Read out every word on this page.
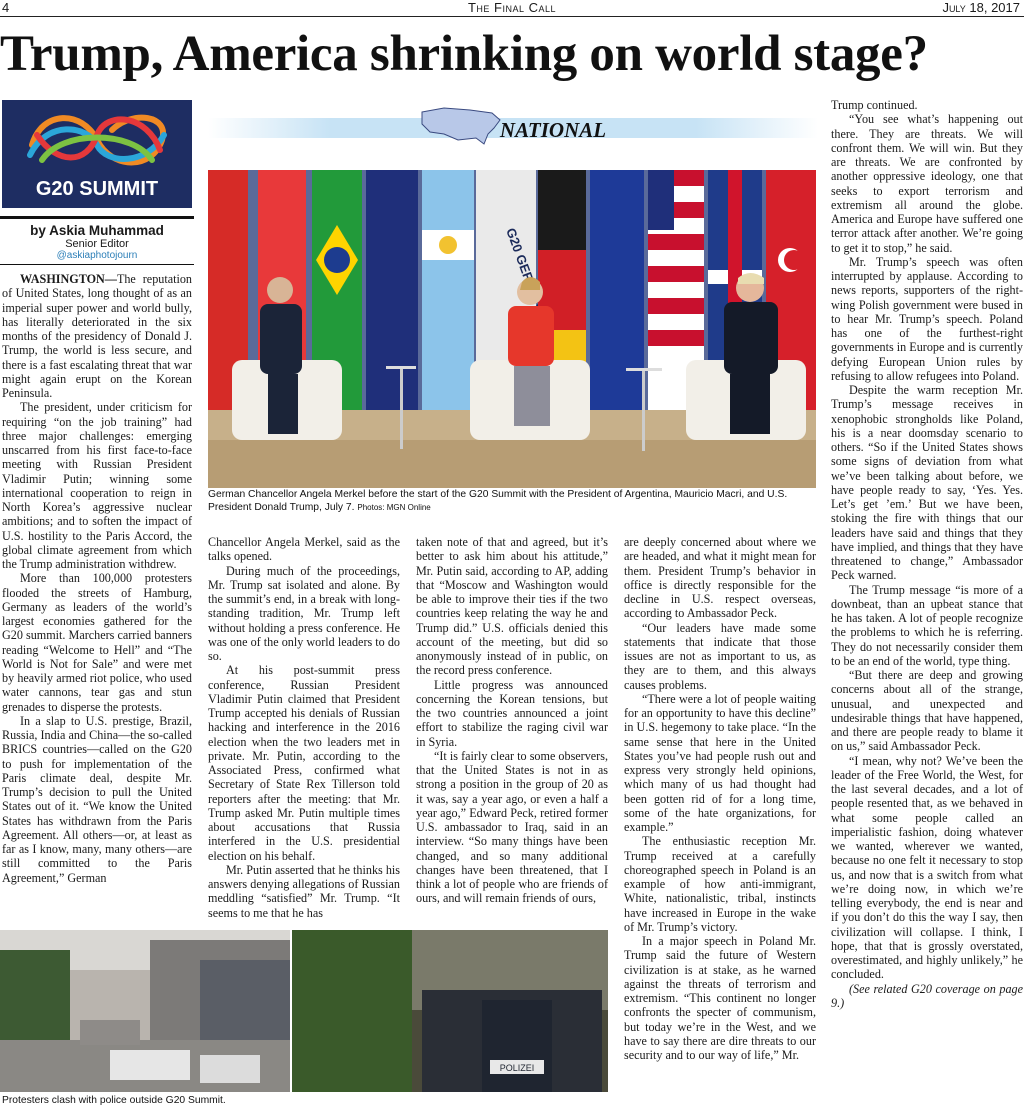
4	The Final Call	July 18, 2017
Trump, America shrinking on world stage?
G20 SUMMIT
by Askia Muhammad
Senior Editor
@askiaphotojourn
NATIONAL
G20
German Chancellor Angela Merkel before the start of the G20 Summit with the President of Argentina, Mauricio Macri, and U.S. President Donald Trump, July 7. Photos: MGN Online

WASHINGTON—The reputation of United States, long thought of as an imperial super power and world bully, has literally deteriorated in the six months of the presidency of Donald J. Trump, the world is less secure, and there is a fast escalating threat that war might again erupt on the Korean Peninsula.

The president, under criticism for requiring “on the job training” had three major challenges: emerging unscarred from his first face-to-face meeting with Russian President Vladimir Putin; winning some international cooperation to reign in North Korea’s aggressive nuclear ambitions; and to soften the impact of U.S. hostility to the Paris Accord, the global climate agreement from which the Trump administration withdrew.

More than 100,000 protesters flooded the streets of Hamburg, Germany as leaders of the world’s largest economies gathered for the G20 summit. Marchers carried banners reading “Welcome to Hell” and “The World is Not for Sale” and were met by heavily armed riot police, who used water cannons, tear gas and stun grenades to disperse the protests.

In a slap to U.S. prestige, Brazil, Russia, India and China—the so-called BRICS countries—called on the G20 to push for implementation of the Paris climate deal, despite Mr. Trump’s decision to pull the United States out of it. “We know the United States has withdrawn from the Paris Agreement. All others—or, at least as far as I know, many, many others—are still committed to the Paris Agreement,” German

Chancellor Angela Merkel, said as the talks opened.

During much of the proceedings, Mr. Trump sat isolated and alone. By the summit’s end, in a break with long-standing tradition, Mr. Trump left without holding a press conference. He was one of the only world leaders to do so.

At his post-summit press conference, Russian President Vladimir Putin claimed that President Trump accepted his denials of Russian hacking and interference in the 2016 election when the two leaders met in private. Mr. Putin, according to the Associated Press, confirmed what Secretary of State Rex Tillerson told reporters after the meeting: that Mr. Trump asked Mr. Putin multiple times about accusations that Russia interfered in the U.S. presidential election on his behalf.

Mr. Putin asserted that he thinks his answers denying allegations of Russian meddling “satisfied” Mr. Trump. “It seems to me that he has

taken note of that and agreed, but it’s better to ask him about his attitude,” Mr. Putin said, according to AP, adding that “Moscow and Washington would be able to improve their ties if the two countries keep relating the way he and Trump did.” U.S. officials denied this account of the meeting, but did so anonymously instead of in public, on the record press conference.

Little progress was announced concerning the Korean tensions, but the two countries announced a joint effort to stabilize the raging civil war in Syria.

“It is fairly clear to some observers, that the United States is not in as strong a position in the group of 20 as it was, say a year ago, or even a half a year ago,” Edward Peck, retired former U.S. ambassador to Iraq, said in an interview. “So many things have been changed, and so many additional changes have been threatened, that I think a lot of people who are friends of ours, and will remain friends of ours,

are deeply concerned about where we are headed, and what it might mean for them. President Trump’s behavior in office is directly responsible for the decline in U.S. respect overseas, according to Ambassador Peck.

“Our leaders have made some statements that indicate that those issues are not as important to us, as they are to them, and this always causes problems.

“There were a lot of people waiting for an opportunity to have this decline” in U.S. hegemony to take place. “In the same sense that here in the United States you’ve had people rush out and express very strongly held opinions, which many of us had thought had been gotten rid of for a long time, some of the hate organizations, for example.”

The enthusiastic reception Mr. Trump received at a carefully choreographed speech in Poland is an example of how anti-immigrant, White, nationalistic, tribal, instincts have increased in Europe in the wake of Mr. Trump’s victory.

In a major speech in Poland Mr. Trump said the future of Western civilization is at stake, as he warned against the threats of terrorism and extremism. “This continent no longer confronts the specter of communism, but today we’re in the West, and we have to say there are dire threats to our security and to our way of life,” Mr.

Trump continued.

“You see what’s happening out there. They are threats. We will confront them. We will win. But they are threats. We are confronted by another oppressive ideology, one that seeks to export terrorism and extremism all around the globe. America and Europe have suffered one terror attack after another. We’re going to get it to stop,” he said.

Mr. Trump’s speech was often interrupted by applause. According to news reports, supporters of the right-wing Polish government were bused in to hear Mr. Trump’s speech. Poland has one of the furthest-right governments in Europe and is currently defying European Union rules by refusing to allow refugees into Poland.

Despite the warm reception Mr. Trump’s message receives in xenophobic strongholds like Poland, his is a near doomsday scenario to others. “So if the United States shows some signs of deviation from what we’ve been talking about before, we have people ready to say, ‘Yes. Yes. Let’s get ’em.’ But we have been, stoking the fire with things that our leaders have said and things that they have implied, and things that they have threatened to change,” Ambassador Peck warned.

The Trump message “is more of a downbeat, than an upbeat stance that he has taken. A lot of people recognize the problems to which he is referring. They do not necessarily consider them to be an end of the world, type thing.

“But there are deep and growing concerns about all of the strange, unusual, and unexpected and undesirable things that have happened, and there are people ready to blame it on us,” said Ambassador Peck.

“I mean, why not? We’ve been the leader of the Free World, the West, for the last several decades, and a lot of people resented that, as we behaved in what some people called an imperialistic fashion, doing whatever we wanted, wherever we wanted, because no one felt it necessary to stop us, and now that is a switch from what we’re doing now, in which we’re telling everybody, the end is near and if you don’t do this the way I say, then civilization will collapse. I think, I hope, that that is grossly overstated, overestimated, and highly unlikely,” he concluded.

(See related G20 coverage on page 9.)

POLIZEI
Protesters clash with police outside G20 Summit.
